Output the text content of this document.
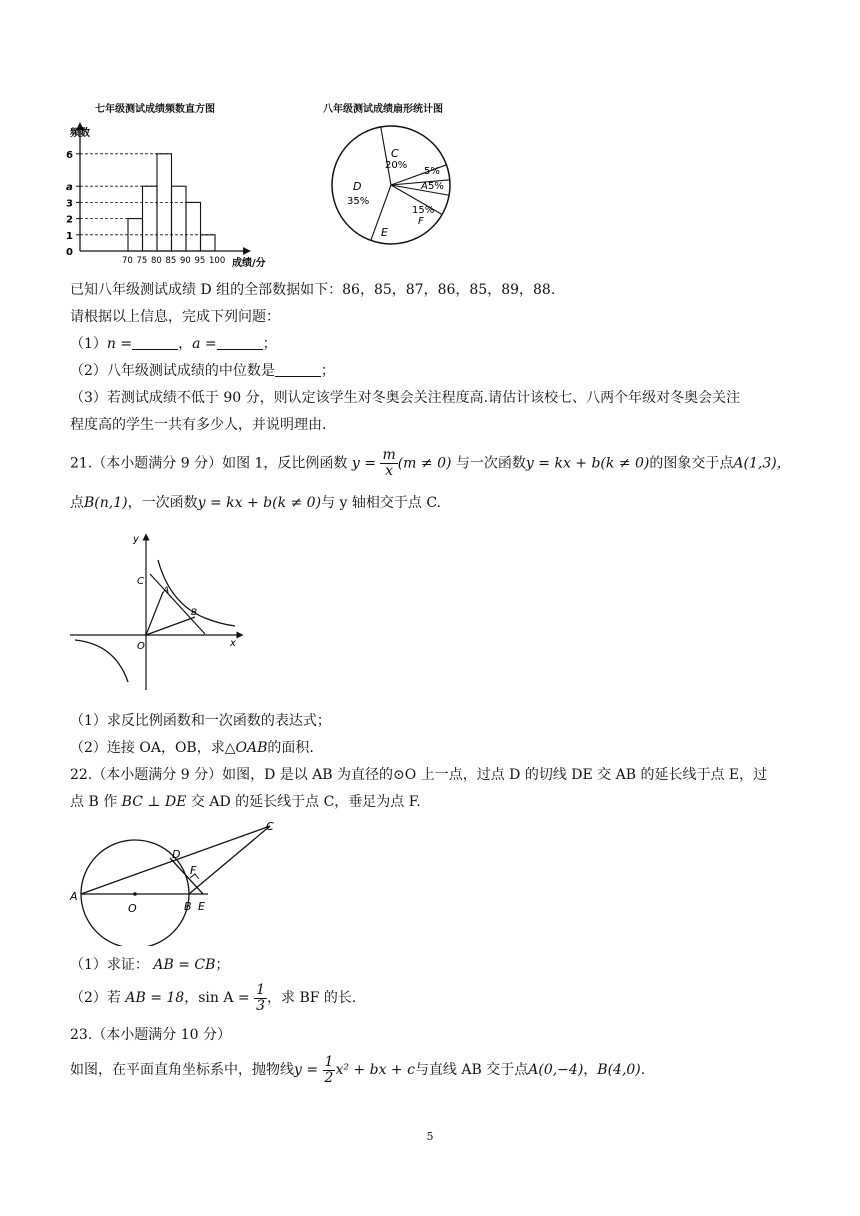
七年级测试成绩频数直方图
6
a
3
2
1
0
70 75 80 85 90 95 100
频数
成绩/分
八年级测试成绩扇形统计图
C
20%
5%
A 5%
D
35%
15%
F
E
已知八年级测试成绩 D 组的全部数据如下：86，85，87，86，85，89，88.
请根据以上信息，完成下列问题：
（1）n =	，a =	；
（2）八年级测试成绩的中位数是	；
（3）若测试成绩不低于 90 分，则认定该学生对冬奥会关注程度高.请估计该校七、八两个年级对冬奥会关注
程度高的学生一共有多少人，并说明理由.
21.（本小题满分 9 分）如图 1，反比例函数 $y = \frac{m}{x} (m \ne 0)$ 与一次函数y = kx + b(k ≠ 0)的图象交于点A(1,3)，
点B(n,1)，一次函数y = kx + b(k ≠ 0)与 y 轴相交于点 C.
y
x
O
C
A
B
（1）求反比例函数和一次函数的表达式；
（2）连接 OA，OB，求△OAB的面积.
22.（本小题满分 9 分）如图，D 是以 AB 为直径的⊙O 上一点，过点 D 的切线 DE 交 AB 的延长线于点 E，过
点 B 作 BC ⊥ DE 交 AD 的延长线于点 C，垂足为点 F.
A
O	B E
D
F
C
（1）求证： AB = CB；
（2）若 AB = 18，$\sin A = \frac{1}{3}$ ，求 BF 的长.
23.（本小题满分 10 分）
如图，在平面直角坐标系中，抛物线$y = \frac{1}{2} x^2$ + bx + c与直线 AB 交于点A(0,−4)，B(4,0).
5
